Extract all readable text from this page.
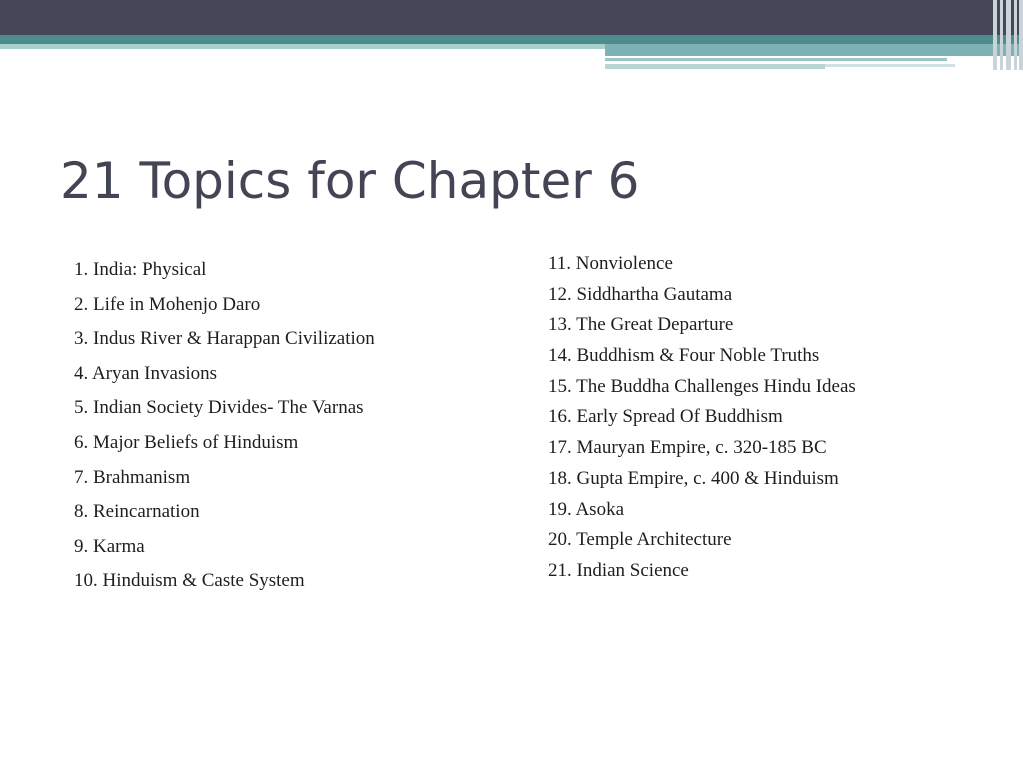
21 Topics for Chapter 6
1. India: Physical
2. Life in Mohenjo Daro
3. Indus River & Harappan Civilization
4. Aryan Invasions
5. Indian Society Divides- The Varnas
6. Major Beliefs of Hinduism
7. Brahmanism
8. Reincarnation
9. Karma
10. Hinduism & Caste System
11. Nonviolence
12. Siddhartha Gautama
13. The Great Departure
14. Buddhism & Four Noble Truths
15. The Buddha Challenges Hindu Ideas
16. Early Spread Of Buddhism
17. Mauryan Empire, c. 320-185 BC
18. Gupta Empire, c. 400 & Hinduism
19. Asoka
20. Temple Architecture
21. Indian Science
